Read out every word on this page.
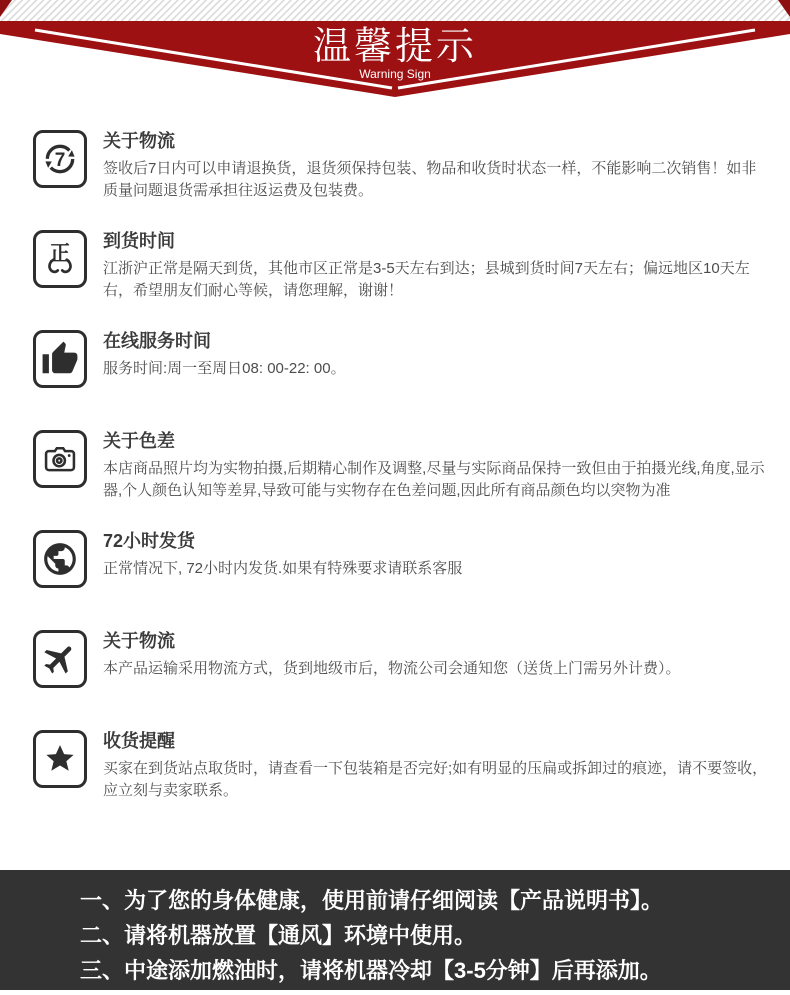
温馨提示
Warning Sign
7
关于物流

签收后7日内可以申请退换货，退货须保持包装、物品和收货时状态一样，不能影响二次销售！如非质量问题退货需承担往返运费及包装费。

正
到货时间

江浙沪正常是隔天到货，其他市区正常是3-5天左右到达；县城到货时间7天左右；偏远地区10天左右，希望朋友们耐心等候，请您理解，谢谢！

在线服务时间

服务时间:周一至周日08: 00-22: 00。

关于色差

本店商品照片均为实物拍摄,后期精心制作及调整,尽量与实际商品保持一致但由于拍摄光线,角度,显示器,个人颜色认知等差昇,导致可能与实物存在色差问题,因此所有商品颜色均以突物为准

72小时发货

正常情况下, 72小时内发货.如果有特殊要求请联系客服

关于物流

本产品运输采用物流方式，货到地级市后，物流公司会通知您（送货上门需另外计费）。

收货提醒

买家在到货站点取货时，请查看一下包装箱是否完好;如有明显的压扁或拆卸过的痕迹，请不要签收，应立刻与卖家联系。

一、为了您的身体健康，使用前请仔细阅读【产品说明书】。

二、请将机器放置【通风】环境中使用。

三、中途添加燃油时，请将机器冷却【3-5分钟】后再添加。
